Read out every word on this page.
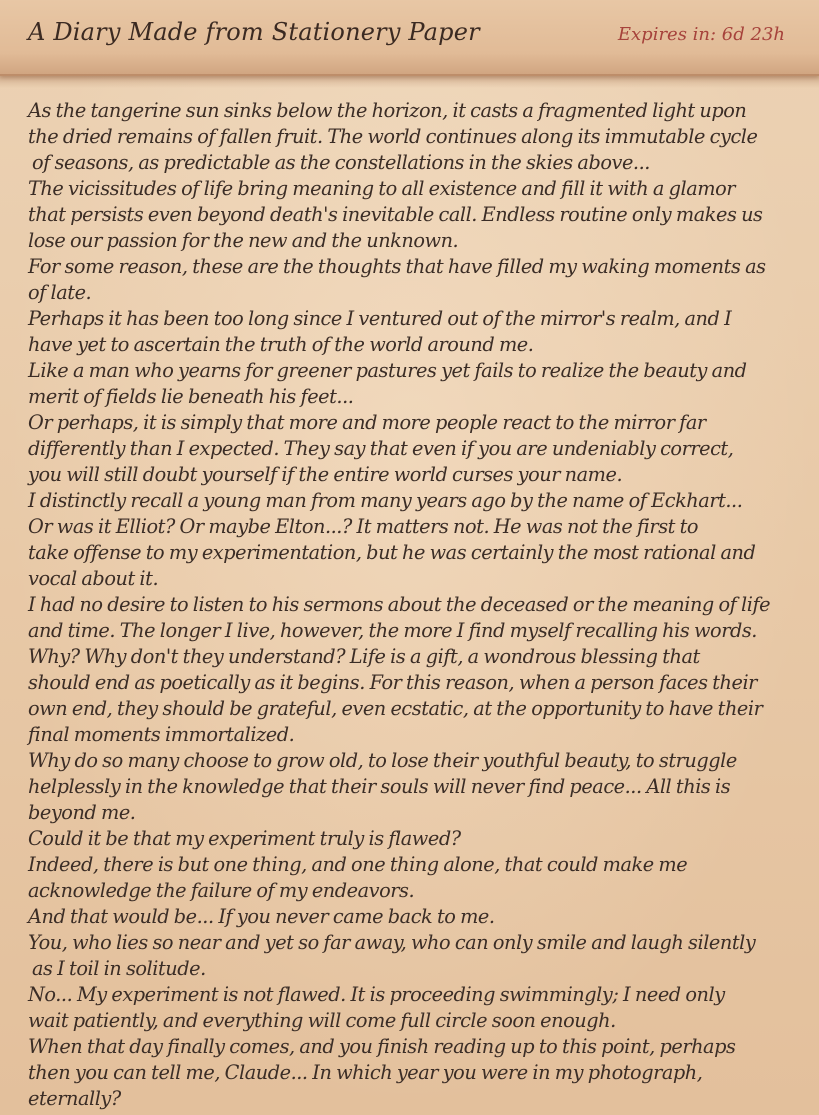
A Diary Made from Stationery Paper	Expires in: 6d 23h
As the tangerine sun sinks below the horizon, it casts a fragmented light upon
the dried remains of fallen fruit. The world continues along its immutable cycle
of seasons, as predictable as the constellations in the skies above...
The vicissitudes of life bring meaning to all existence and fill it with a glamor
that persists even beyond death's inevitable call. Endless routine only makes us
lose our passion for the new and the unknown.
For some reason, these are the thoughts that have filled my waking moments as
of late.
Perhaps it has been too long since I ventured out of the mirror's realm, and I
have yet to ascertain the truth of the world around me.
Like a man who yearns for greener pastures yet fails to realize the beauty and
merit of fields lie beneath his feet...
Or perhaps, it is simply that more and more people react to the mirror far
differently than I expected. They say that even if you are undeniably correct,
you will still doubt yourself if the entire world curses your name.
I distinctly recall a young man from many years ago by the name of Eckhart...
Or was it Elliot? Or maybe Elton...? It matters not. He was not the first to
take offense to my experimentation, but he was certainly the most rational and
vocal about it.
I had no desire to listen to his sermons about the deceased or the meaning of life
and time. The longer I live, however, the more I find myself recalling his words.
Why? Why don't they understand? Life is a gift, a wondrous blessing that
should end as poetically as it begins. For this reason, when a person faces their
own end, they should be grateful, even ecstatic, at the opportunity to have their
final moments immortalized.
Why do so many choose to grow old, to lose their youthful beauty, to struggle
helplessly in the knowledge that their souls will never find peace... All this is
beyond me.
Could it be that my experiment truly is flawed?
Indeed, there is but one thing, and one thing alone, that could make me
acknowledge the failure of my endeavors.
And that would be... If you never came back to me.
You, who lies so near and yet so far away, who can only smile and laugh silently
as I toil in solitude.
No... My experiment is not flawed. It is proceeding swimmingly; I need only
wait patiently, and everything will come full circle soon enough.
When that day finally comes, and you finish reading up to this point, perhaps
then you can tell me, Claude... In which year you were in my photograph,
eternally?
